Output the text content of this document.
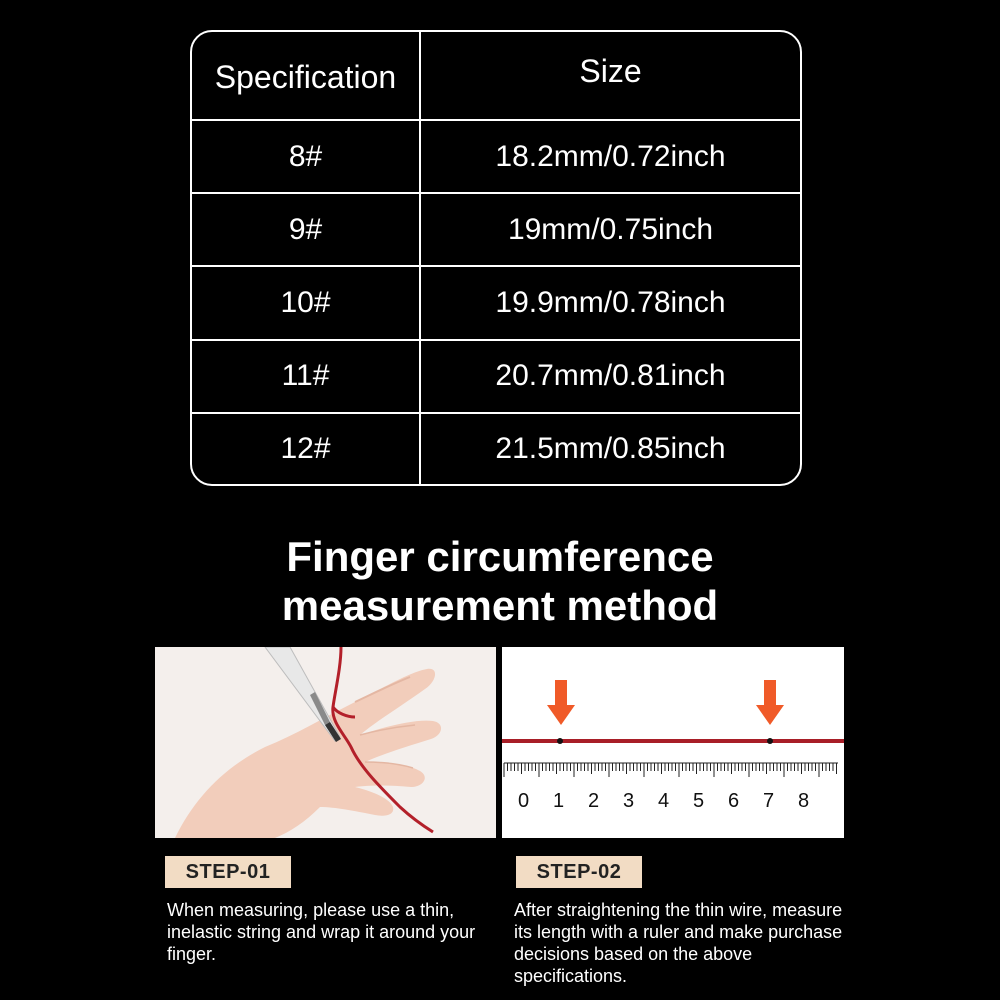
Specification	Size
8#	18.2mm/0.72inch
9#	19mm/0.75inch
10#	19.9mm/0.78inch
11#	20.7mm/0.81inch
12#	21.5mm/0.85inch
Finger circumference
measurement method
0 1 2 3 4 5 6 7 8
STEP-01
When measuring, please use a thin, inelastic string and wrap it around your finger.
STEP-02
After straightening the thin wire, measure its length with a ruler and make purchase decisions based on the above specifications.
